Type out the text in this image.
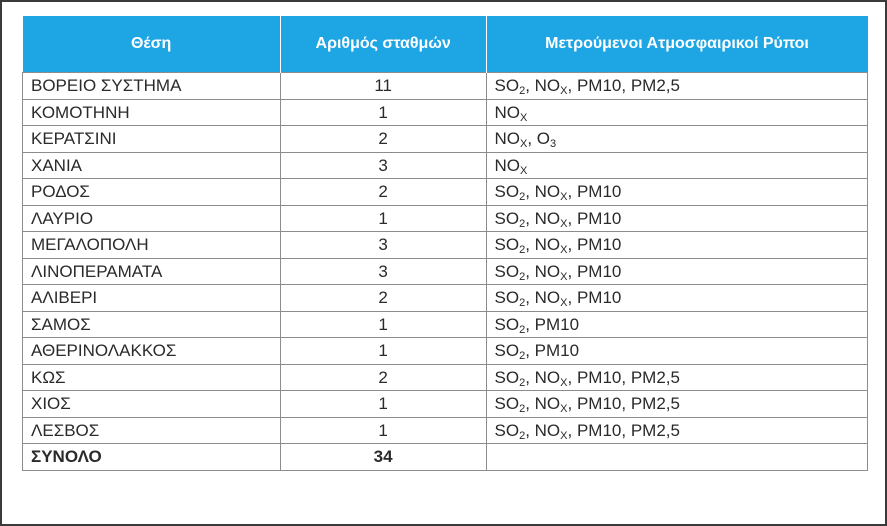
Θέση	Αριθμός σταθμών	Μετρούμενοι Ατμοσφαιρικοί Ρύποι
ΒΟΡΕΙΟ ΣΥΣΤΗΜΑ	11	$SO_2$, $NO_X$, PM10, PM2,5
ΚΟΜΟΤΗΝΗ	1	$NO_X$
ΚΕΡΑΤΣΙΝΙ	2	$NO_X$, $O_3$
ΧΑΝΙΑ	3	$NO_X$
ΡΟΔΟΣ	2	$SO_2$, $NO_X$, PM10
ΛΑΥΡΙΟ	1	$SO_2$, $NO_X$, PM10
ΜΕΓΑΛΟΠΟΛΗ	3	$SO_2$, $NO_X$, PM10
ΛΙΝΟΠΕΡΑΜΑΤΑ	3	$SO_2$, $NO_X$, PM10
ΑΛΙΒΕΡΙ	2	$SO_2$, $NO_X$, PM10
ΣΑΜΟΣ	1	$SO_2$, PM10
ΑΘΕΡΙΝΟΛΑΚΚΟΣ	1	$SO_2$, PM10
ΚΩΣ	2	$SO_2$, $NO_X$, PM10, PM2,5
ΧΙΟΣ	1	$SO_2$, $NO_X$, PM10, PM2,5
ΛΕΣΒΟΣ	1	$SO_2$, $NO_X$, PM10, PM2,5
ΣΥΝΟΛΟ	34	
